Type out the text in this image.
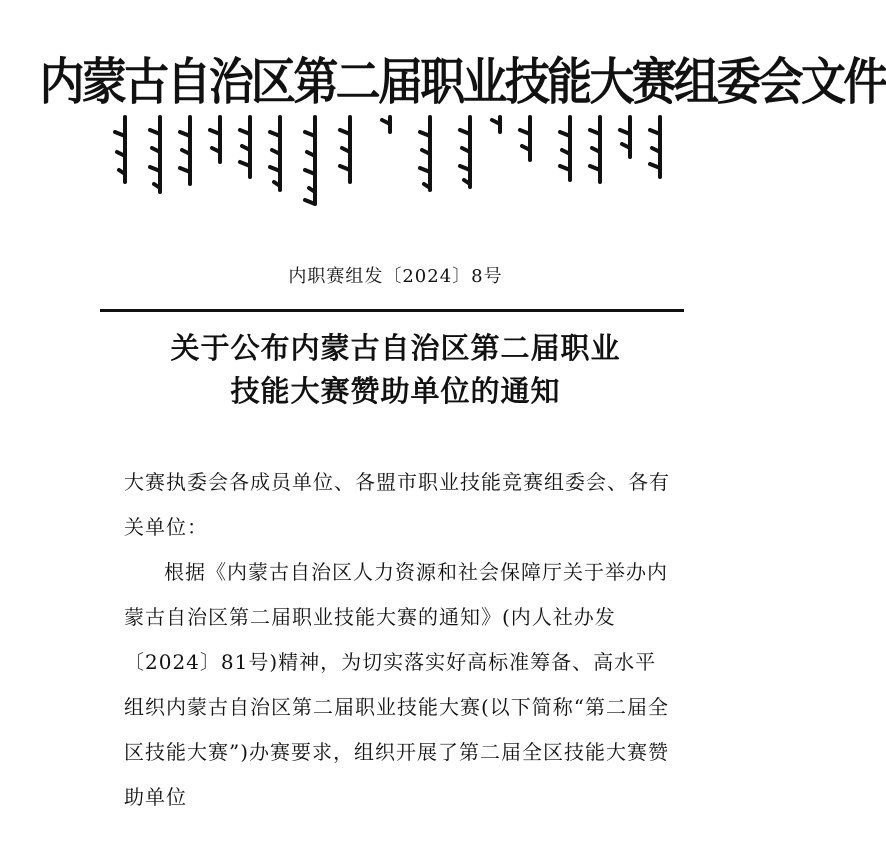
内蒙古自治区第二届职业技能大赛组委会文件
内职赛组发〔2024〕8号
关于公布内蒙古自治区第二届职业
技能大赛赞助单位的通知

大赛执委会各成员单位、各盟市职业技能竞赛组委会、各有关单位：

根据《内蒙古自治区人力资源和社会保障厅关于举办内蒙古自治区第二届职业技能大赛的通知》(内人社办发〔2024〕81号)精神，为切实落实好高标准筹备、高水平组织内蒙古自治区第二届职业技能大赛(以下简称“第二届全区技能大赛”)办赛要求，组织开展了第二届全区技能大赛赞助单位
